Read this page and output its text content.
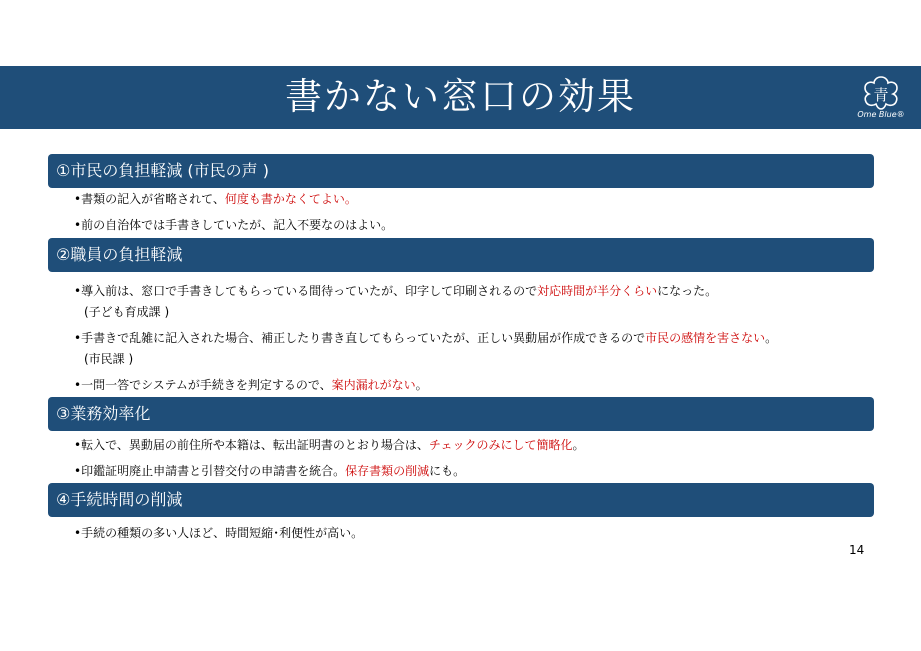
書かない窓口の効果	青
Ome Blue®
①市民の負担軽減 (市民の声 )
•書類の記入が省略されて、何度も書かなくてよい。
•前の自治体では手書きしていたが、記入不要なのはよい。
②職員の負担軽減
•導入前は、窓口で手書きしてもらっている間待っていたが、印字して印刷されるので対応時間が半分くらいになった。
(子ども育成課 )
•手書きで乱雑に記入された場合、補正したり書き直してもらっていたが、正しい異動届が作成できるので市民の感情を害さない。
(市民課 )
•一問一答でシステムが手続きを判定するので、案内漏れがない。
③業務効率化
•転入で、異動届の前住所や本籍は、転出証明書のとおり場合は、チェックのみにして簡略化。
•印鑑証明廃止申請書と引替交付の申請書を統合。保存書類の削減にも。
④手続時間の削減
•手続の種類の多い人ほど、時間短縮･利便性が高い。
14
